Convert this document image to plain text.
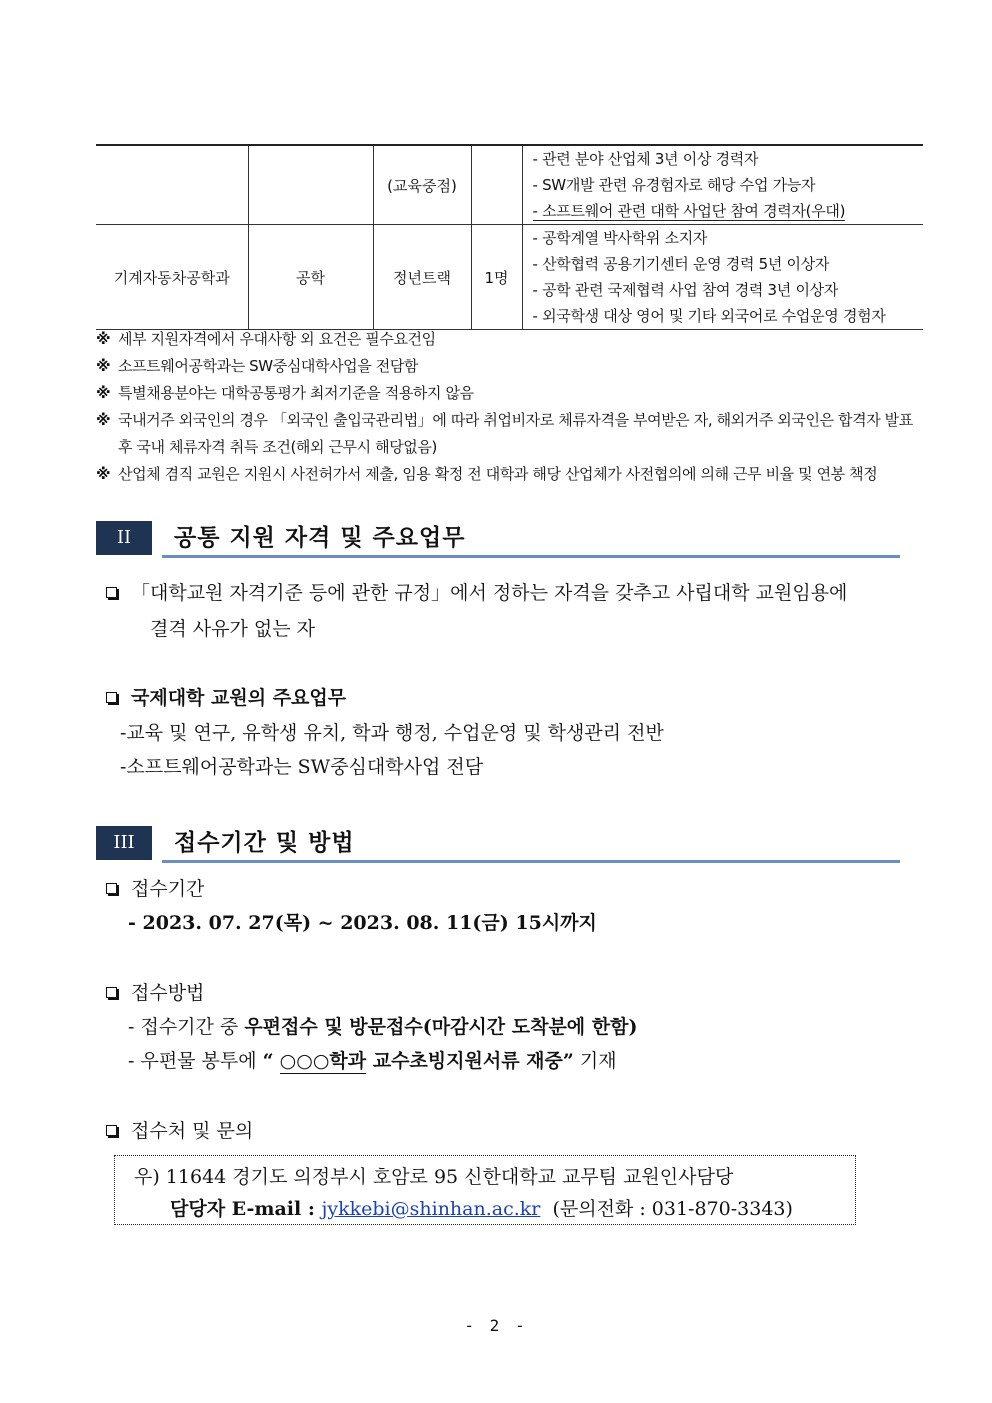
		(교육중점)		- 관련 분야 산업체 3년 이상 경력자
- SW개발 관련 유경험자로 해당 수업 가능자
- 소프트웨어 관련 대학 사업단 참여 경력자(우대)

기계자동차공학과	공학	정년트랙	1명	- 공학계열 박사학위 소지자
- 산학협력 공용기기센터 운영 경력 5년 이상자
- 공학 관련 국제협력 사업 참여 경력 3년 이상자
- 외국학생 대상 영어 및 기타 외국어로 수업운영 경험자
※ 세부 지원자격에서 우대사항 외 요건은 필수요건임
※ 소프트웨어공학과는 SW중심대학사업을 전담함
※ 특별채용분야는 대학공통평가 최저기준을 적용하지 않음
※ 국내거주 외국인의 경우 「외국인 출입국관리법」에 따라 취업비자로 체류자격을 부여받은 자, 해외거주 외국인은 합격자 발표 후 국내 체류자격 취득 조건(해외 근무시 해당없음)
※ 산업체 겸직 교원은 지원시 사전허가서 제출, 임용 확정 전 대학과 해당 산업체가 사전협의에 의해 근무 비율 및 연봉 책정
II	공통 지원 자격 및 주요업무
「대학교원 자격기준 등에 관한 규정」에서 정하는 자격을 갖추고 사립대학 교원임용에
결격 사유가 없는 자
국제대학 교원의 주요업무
-교육 및 연구, 유학생 유치, 학과 행정, 수업운영 및 학생관리 전반
-소프트웨어공학과는 SW중심대학사업 전담
III	접수기간 및 방법
접수기간
- 2023. 07. 27(목) ~ 2023. 08. 11(금) 15시까지
접수방법
- 접수기간 중 우편접수 및 방문접수(마감시간 도착분에 한함)
- 우편물 봉투에 “ ○○○학과 교수초빙지원서류 재중” 기재
접수처 및 문의
우) 11644 경기도 의정부시 호암로 95 신한대학교 교무팀 교원인사담당
담당자 E-mail : jykkebi@shinhan.ac.kr (문의전화 : 031-870-3343)
- 2 -
